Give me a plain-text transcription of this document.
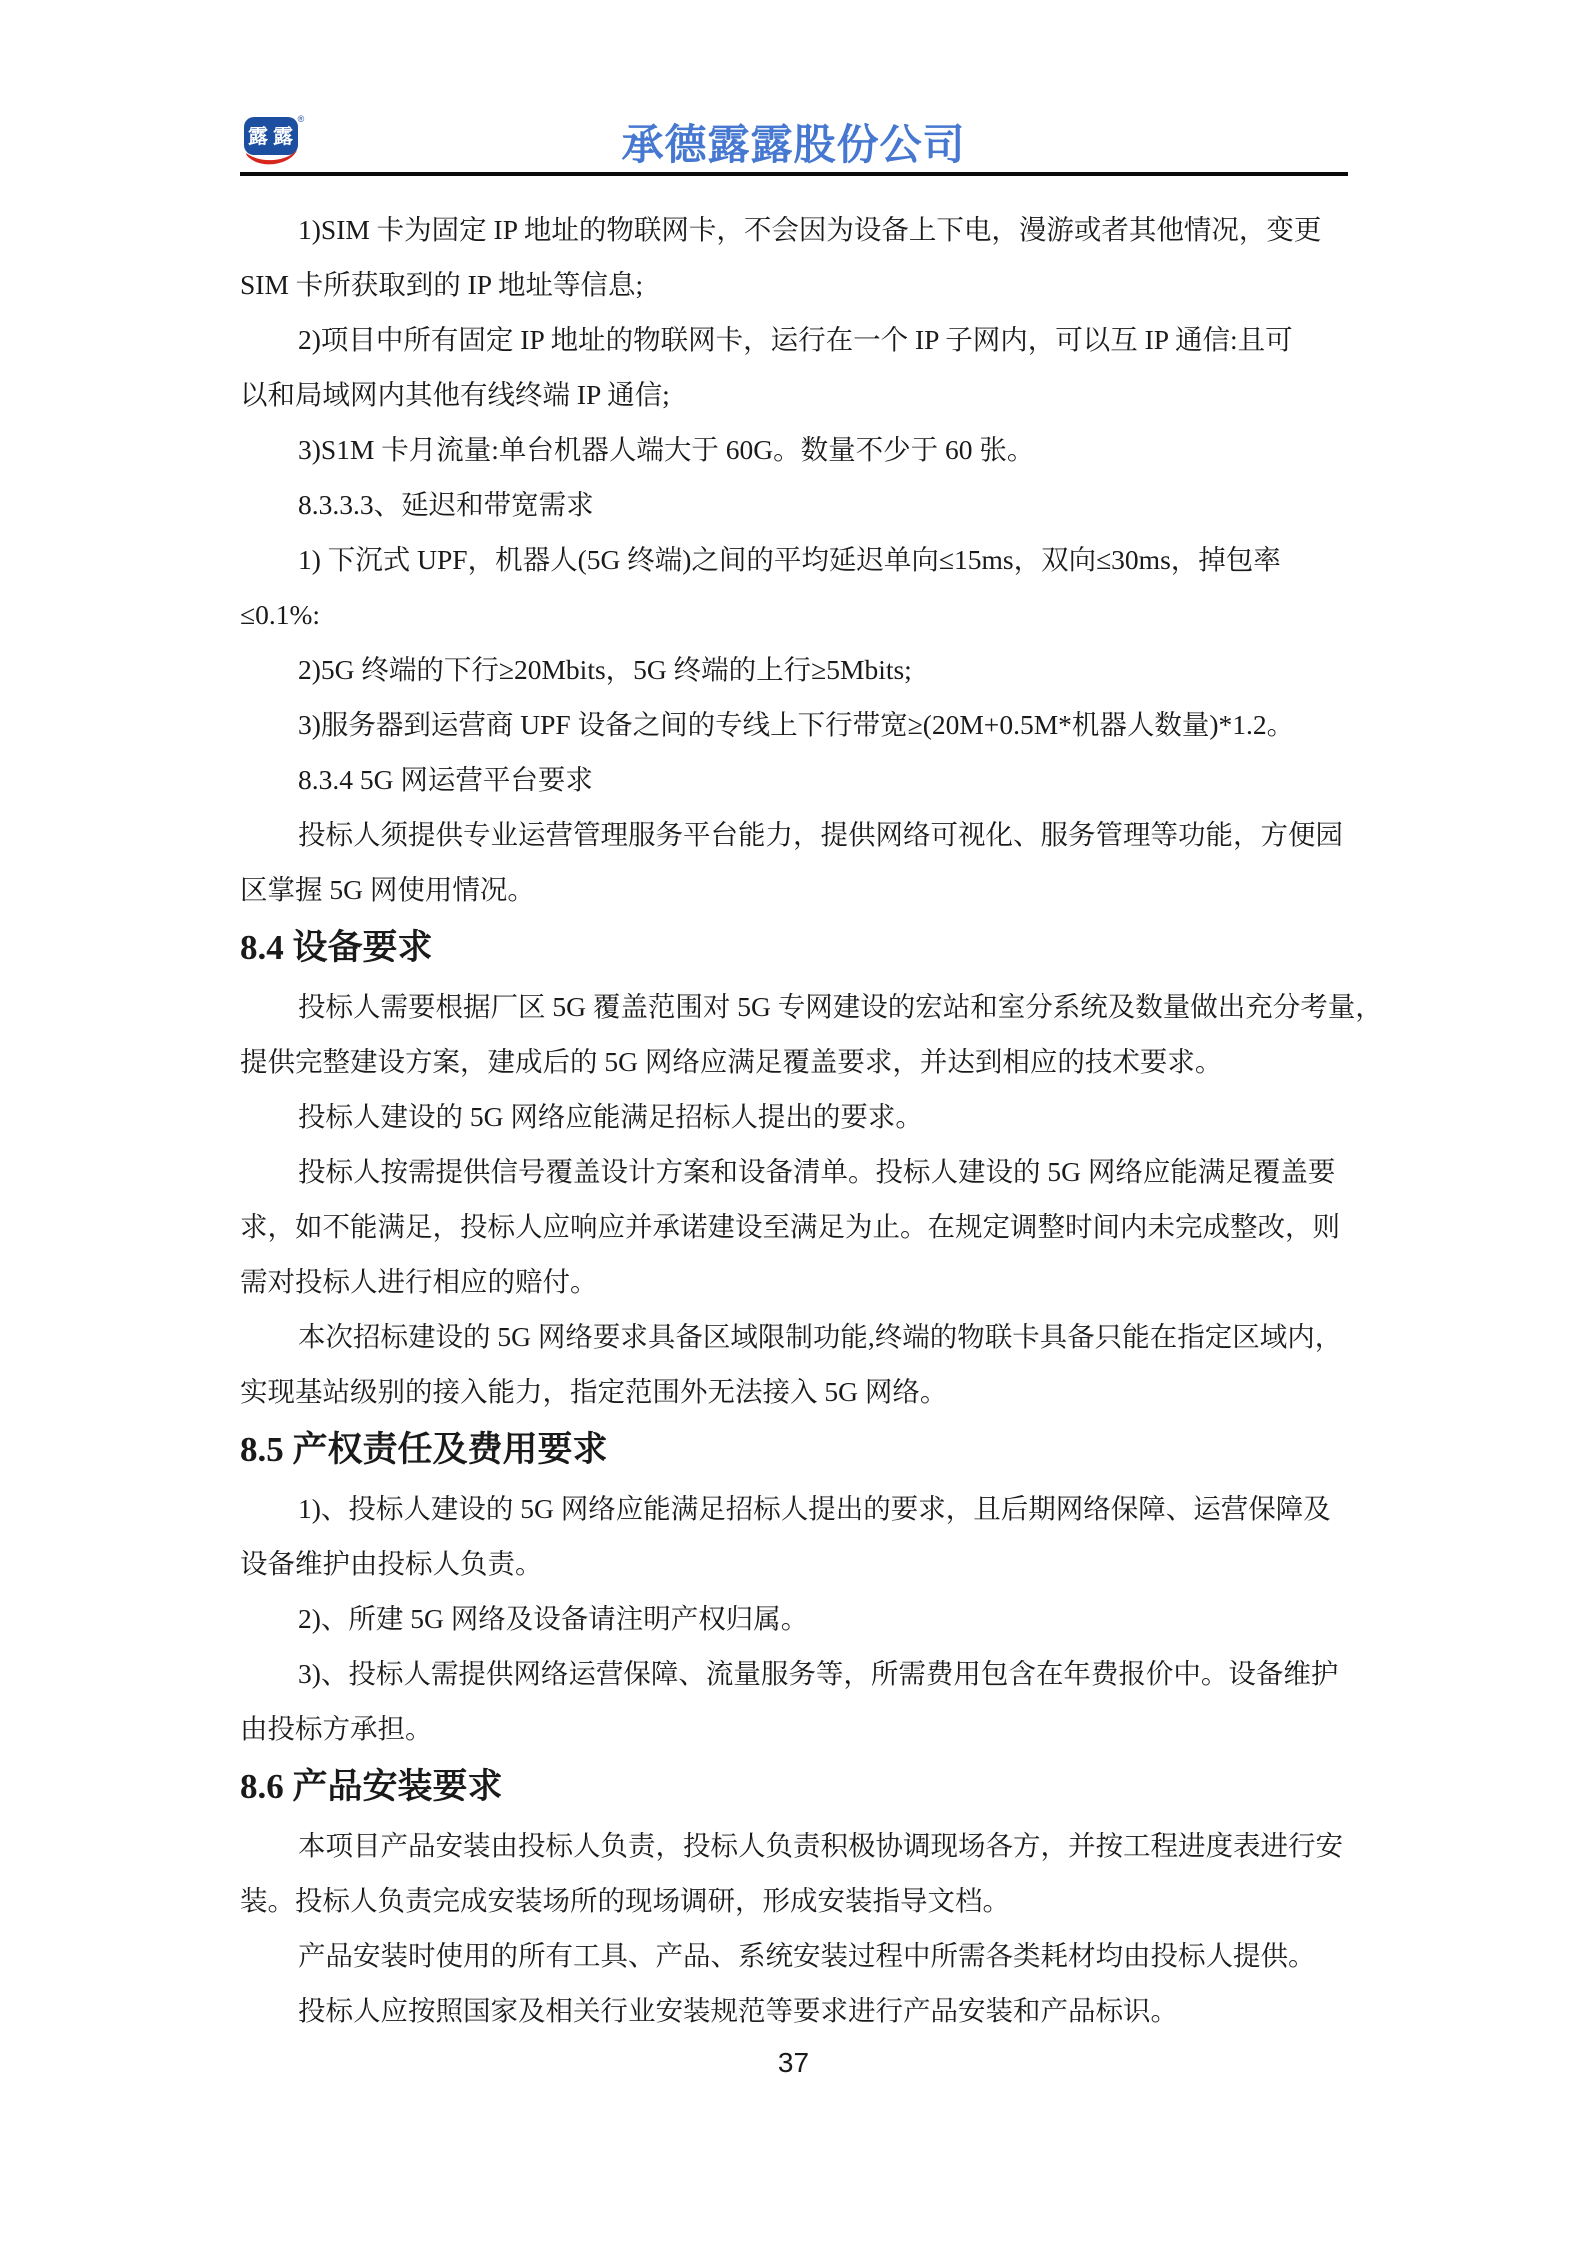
露 露
®
承德露露股份公司
1)SIM 卡为固定 IP 地址的物联网卡，不会因为设备上下电，漫游或者其他情况，变更
SIM 卡所获取到的 IP 地址等信息;
2)项目中所有固定 IP 地址的物联网卡，运行在一个 IP 子网内，可以互 IP 通信:且可
以和局域网内其他有线终端 IP 通信;
3)S1M 卡月流量:单台机器人端大于 60G。数量不少于 60 张。
8.3.3.3、延迟和带宽需求
1) 下沉式 UPF，机器人(5G 终端)之间的平均延迟单向≤15ms，双向≤30ms，掉包率
≤0.1%:
2)5G 终端的下行≥20Mbits，5G 终端的上行≥5Mbits;
3)服务器到运营商 UPF 设备之间的专线上下行带宽≥(20M+0.5M*机器人数量)*1.2。
8.3.4 5G 网运营平台要求
投标人须提供专业运营管理服务平台能力，提供网络可视化、服务管理等功能，方便园
区掌握 5G 网使用情况。
8.4 设备要求
投标人需要根据厂区 5G 覆盖范围对 5G 专网建设的宏站和室分系统及数量做出充分考量，
提供完整建设方案，建成后的 5G 网络应满足覆盖要求，并达到相应的技术要求。
投标人建设的 5G 网络应能满足招标人提出的要求。
投标人按需提供信号覆盖设计方案和设备清单。投标人建设的 5G 网络应能满足覆盖要
求，如不能满足，投标人应响应并承诺建设至满足为止。在规定调整时间内未完成整改，则
需对投标人进行相应的赔付。
本次招标建设的 5G 网络要求具备区域限制功能,终端的物联卡具备只能在指定区域内，
实现基站级别的接入能力，指定范围外无法接入 5G 网络。
8.5 产权责任及费用要求
1)、投标人建设的 5G 网络应能满足招标人提出的要求，且后期网络保障、运营保障及
设备维护由投标人负责。
2)、所建 5G 网络及设备请注明产权归属。
3)、投标人需提供网络运营保障、流量服务等，所需费用包含在年费报价中。设备维护
由投标方承担。
8.6 产品安装要求
本项目产品安装由投标人负责，投标人负责积极协调现场各方，并按工程进度表进行安
装。投标人负责完成安装场所的现场调研，形成安装指导文档。
产品安装时使用的所有工具、产品、系统安装过程中所需各类耗材均由投标人提供。
投标人应按照国家及相关行业安装规范等要求进行产品安装和产品标识。
37
